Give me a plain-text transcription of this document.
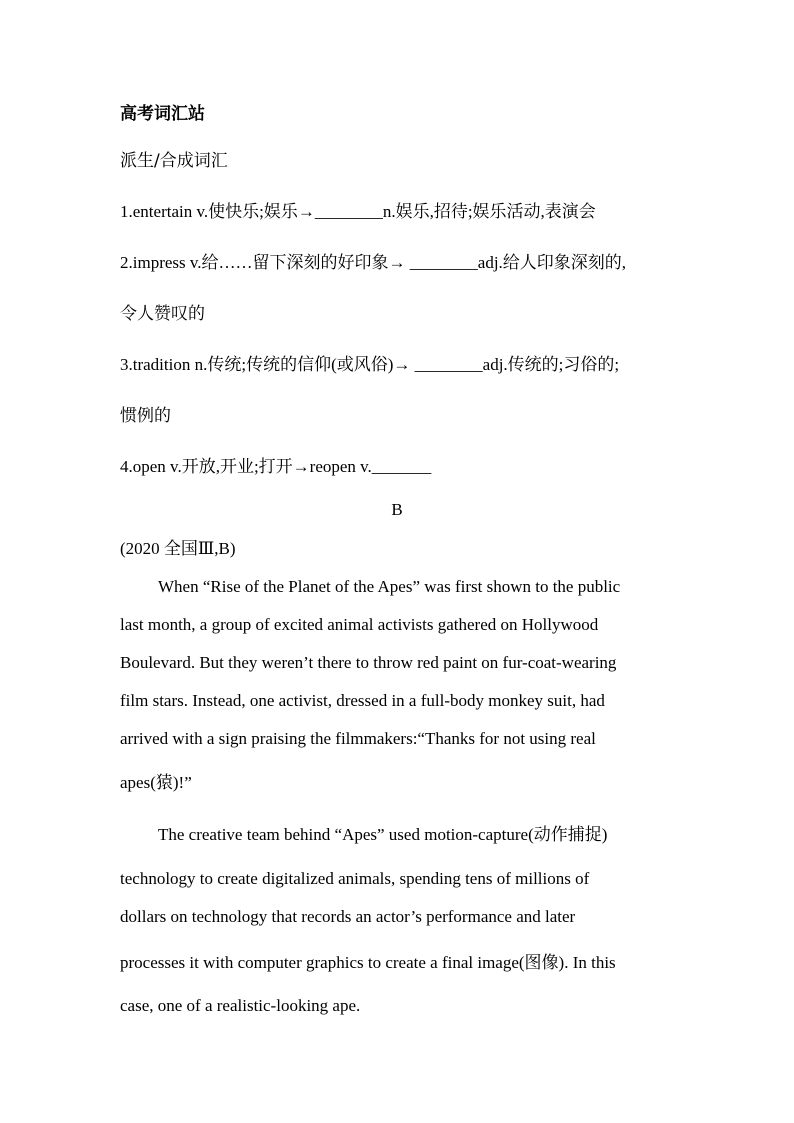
高考词汇站
派生/合成词汇
1.entertain v.使快乐;娱乐→________n.娱乐,招待;娱乐活动,表演会
2.impress v.给……留下深刻的好印象→ ________adj.给人印象深刻的,
令人赞叹的
3.tradition n.传统;传统的信仰(或风俗)→ ________adj.传统的;习俗的;
惯例的
4.open v.开放,开业;打开→reopen v._______
B
(2020 全国Ⅲ,B)
When “Rise of the Planet of the Apes” was first shown to the public
last month, a group of excited animal activists gathered on Hollywood
Boulevard. But they weren’t there to throw red paint on fur-coat-wearing
film stars. Instead, one activist, dressed in a full-body monkey suit, had
arrived with a sign praising the filmmakers:“Thanks for not using real
apes(猿)!”
The creative team behind “Apes” used motion-capture(动作捕捉)
technology to create digitalized animals, spending tens of millions of
dollars on technology that records an actor’s performance and later
processes it with computer graphics to create a final image(图像). In this
case, one of a realistic-looking ape.
